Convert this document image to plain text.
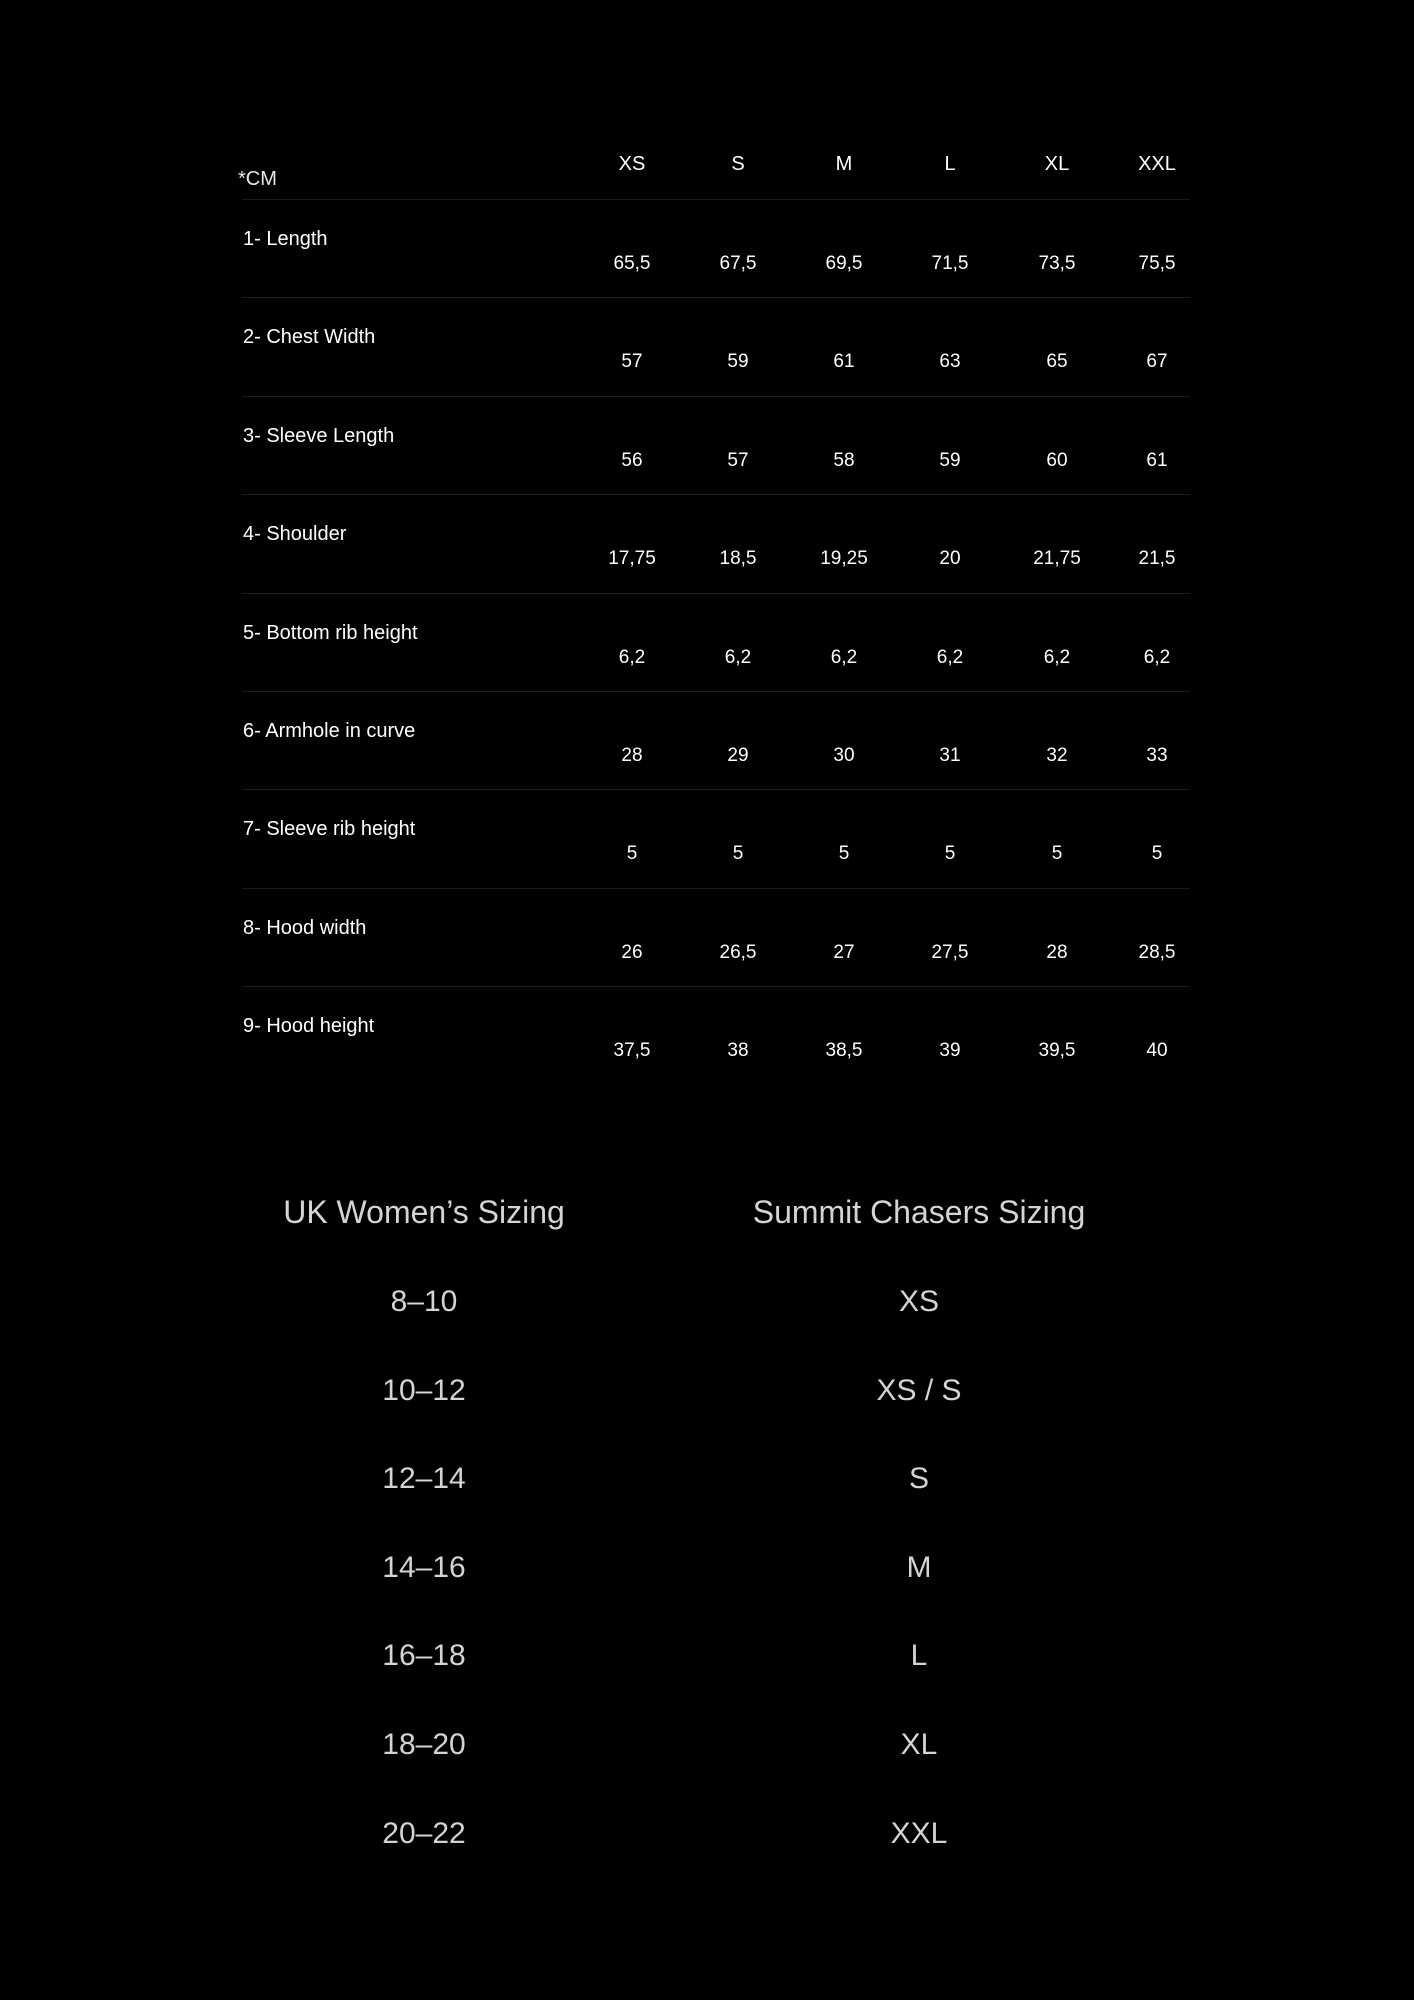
*CM
XS	S	M	L	XL	XXL
1- Length
65,5	67,5	69,5	71,5	73,5	75,5
2- Chest Width
57	59	61	63	65	67
3- Sleeve Length
56	57	58	59	60	61
4- Shoulder
17,75	18,5	19,25	20	21,75	21,5
5- Bottom rib height
6,2	6,2	6,2	6,2	6,2	6,2
6- Armhole in curve
28	29	30	31	32	33
7- Sleeve rib height
5	5	5	5	5	5
8- Hood width
26	26,5	27	27,5	28	28,5
9- Hood height
37,5	38	38,5	39	39,5	40
UK Women’s Sizing	Summit Chasers Sizing
8–10	XS
10–12	XS / S
12–14	S
14–16	M
16–18	L
18–20	XL
20–22	XXL
